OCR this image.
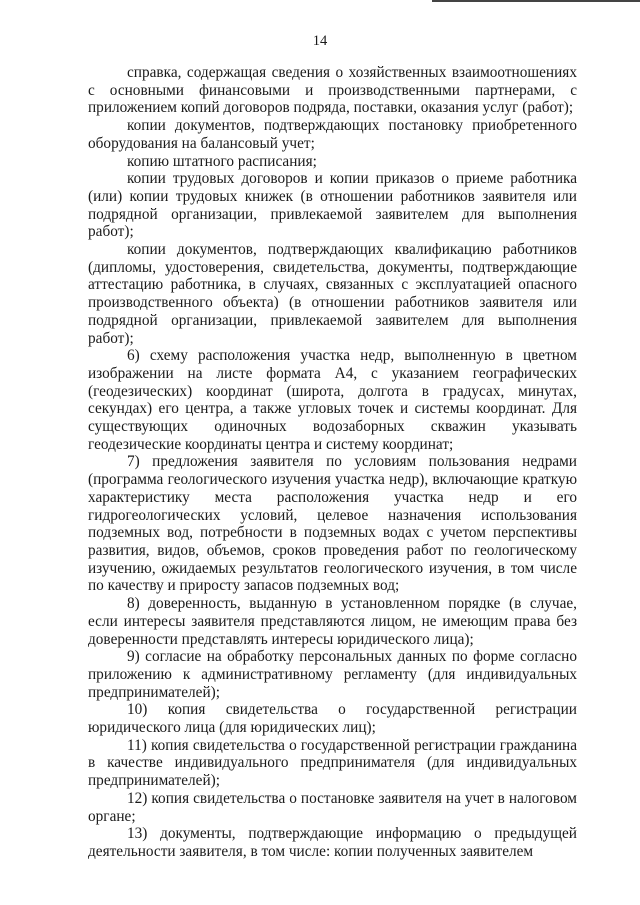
14

справка, содержащая сведения о хозяйственных взаимоотношениях с основными финансовыми и производственными партнерами, с приложением копий договоров подряда, поставки, оказания услуг (работ);

копии документов, подтверждающих постановку приобретенного оборудования на балансовый учет;

копию штатного расписания;

копии трудовых договоров и копии приказов о приеме работника (или) копии трудовых книжек (в отношении работников заявителя или подрядной организации, привлекаемой заявителем для выполнения работ);

копии документов, подтверждающих квалификацию работников (дипломы, удостоверения, свидетельства, документы, подтверждающие аттестацию работника, в случаях, связанных с эксплуатацией опасного производственного объекта) (в отношении работников заявителя или подрядной организации, привлекаемой заявителем для выполнения работ);

6) схему расположения участка недр, выполненную в цветном изображении на листе формата А4, с указанием географических (геодезических) координат (широта, долгота в градусах, минутах, секундах) его центра, а также угловых точек и системы координат. Для существующих одиночных водозаборных скважин указывать геодезические координаты центра и систему координат;

7) предложения заявителя по условиям пользования недрами (программа геологического изучения участка недр), включающие краткую характеристику места расположения участка недр и его гидрогеологических условий, целевое назначения использования подземных вод, потребности в подземных водах с учетом перспективы развития, видов, объемов, сроков проведения работ по геологическому изучению, ожидаемых результатов геологического изучения, в том числе по качеству и приросту запасов подземных вод;

8) доверенность, выданную в установленном порядке (в случае, если интересы заявителя представляются лицом, не имеющим права без доверенности представлять интересы юридического лица);

9) согласие на обработку персональных данных по форме согласно приложению к административному регламенту (для индивидуальных предпринимателей);

10) копия свидетельства о государственной регистрации юридического лица (для юридических лиц);

11) копия свидетельства о государственной регистрации гражданина в качестве индивидуального предпринимателя (для индивидуальных предпринимателей);

12) копия свидетельства о постановке заявителя на учет в налоговом органе;

13) документы, подтверждающие информацию о предыдущей деятельности заявителя, в том числе: копии полученных заявителем
